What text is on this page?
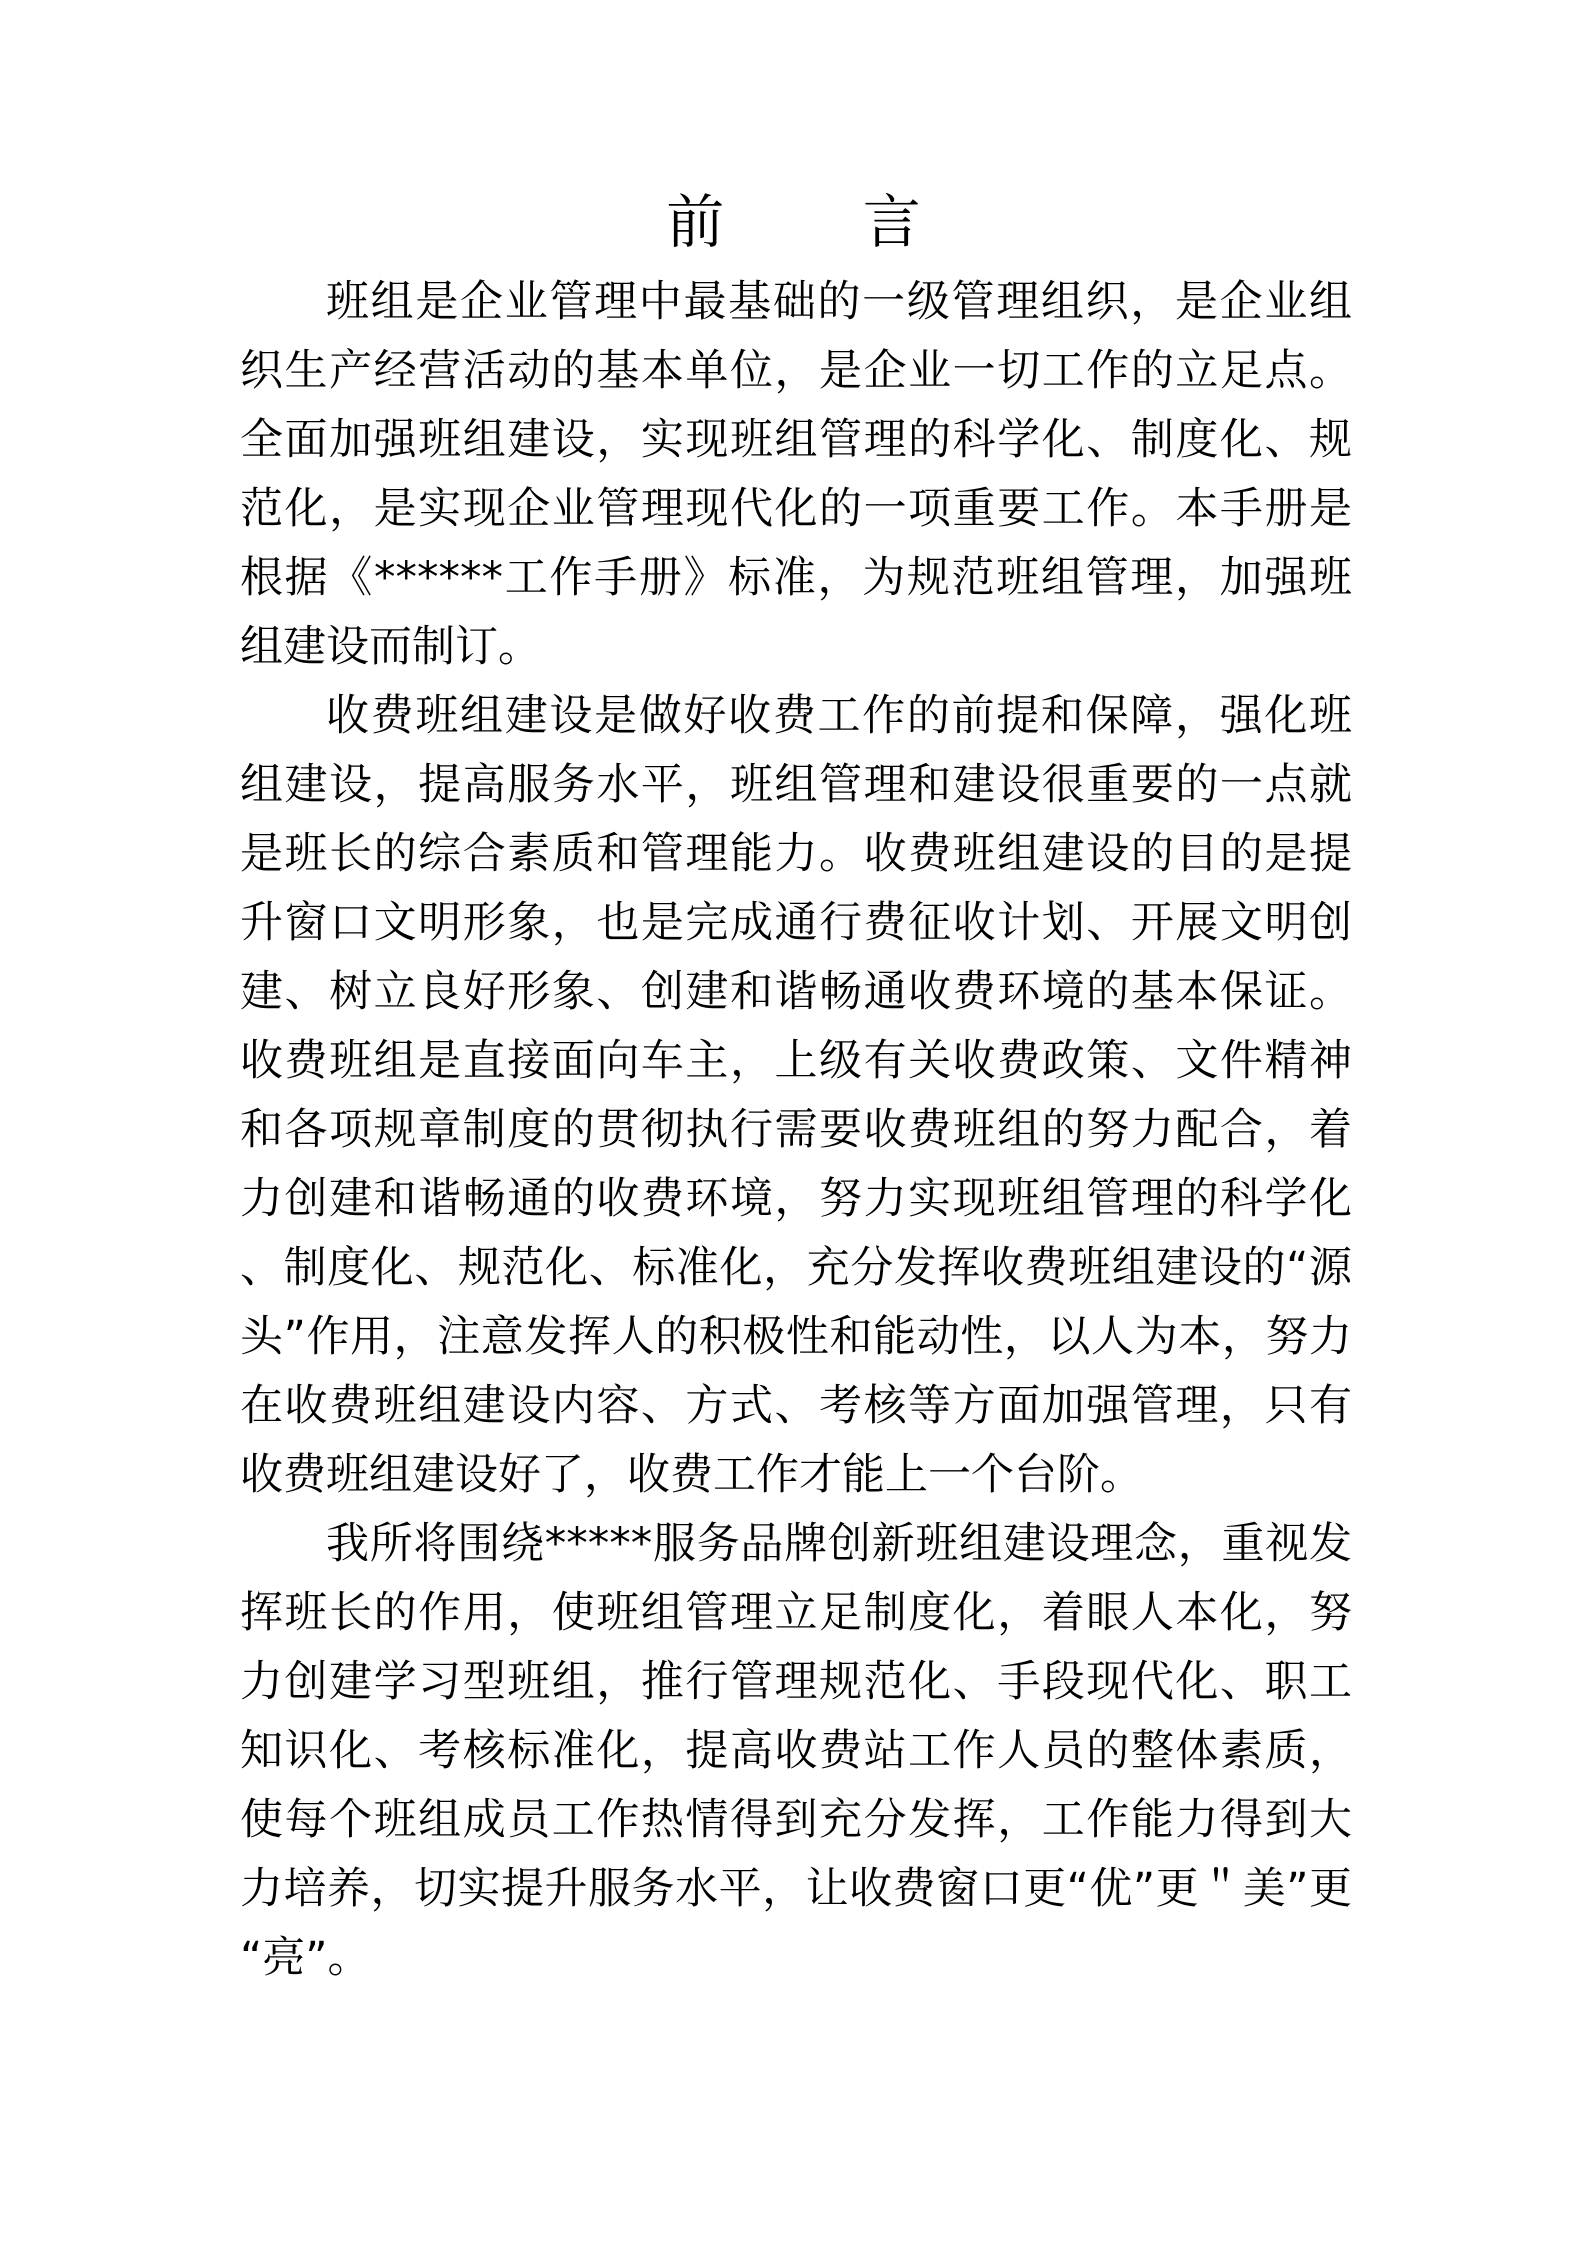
前 言

班组是企业管理中最基础的一级管理组织，是企业组织生产经营活动的基本单位，是企业一切工作的立足点。全面加强班组建设，实现班组管理的科学化、制度化、规范化，是实现企业管理现代化的一项重要工作。本手册是根据《******工作手册》标准，为规范班组管理，加强班组建设而制订。

收费班组建设是做好收费工作的前提和保障，强化班组建设，提高服务水平，班组管理和建设很重要的一点就是班长的综合素质和管理能力。收费班组建设的目的是提升窗口文明形象，也是完成通行费征收计划、开展文明创建、树立良好形象、创建和谐畅通收费环境的基本保证。收费班组是直接面向车主，上级有关收费政策、文件精神和各项规章制度的贯彻执行需要收费班组的努力配合，着力创建和谐畅通的收费环境，努力实现班组管理的科学化、制度化、规范化、标准化，充分发挥收费班组建设的“源头”作用，注意发挥人的积极性和能动性，以人为本，努力在收费班组建设内容、方式、考核等方面加强管理，只有收费班组建设好了，收费工作才能上一个台阶。

我所将围绕*****服务品牌创新班组建设理念，重视发挥班长的作用，使班组管理立足制度化，着眼人本化，努力创建学习型班组，推行管理规范化、手段现代化、职工知识化、考核标准化，提高收费站工作人员的整体素质，使每个班组成员工作热情得到充分发挥，工作能力得到大力培养，切实提升服务水平，让收费窗口更“优”更＂美”更“亮”。
